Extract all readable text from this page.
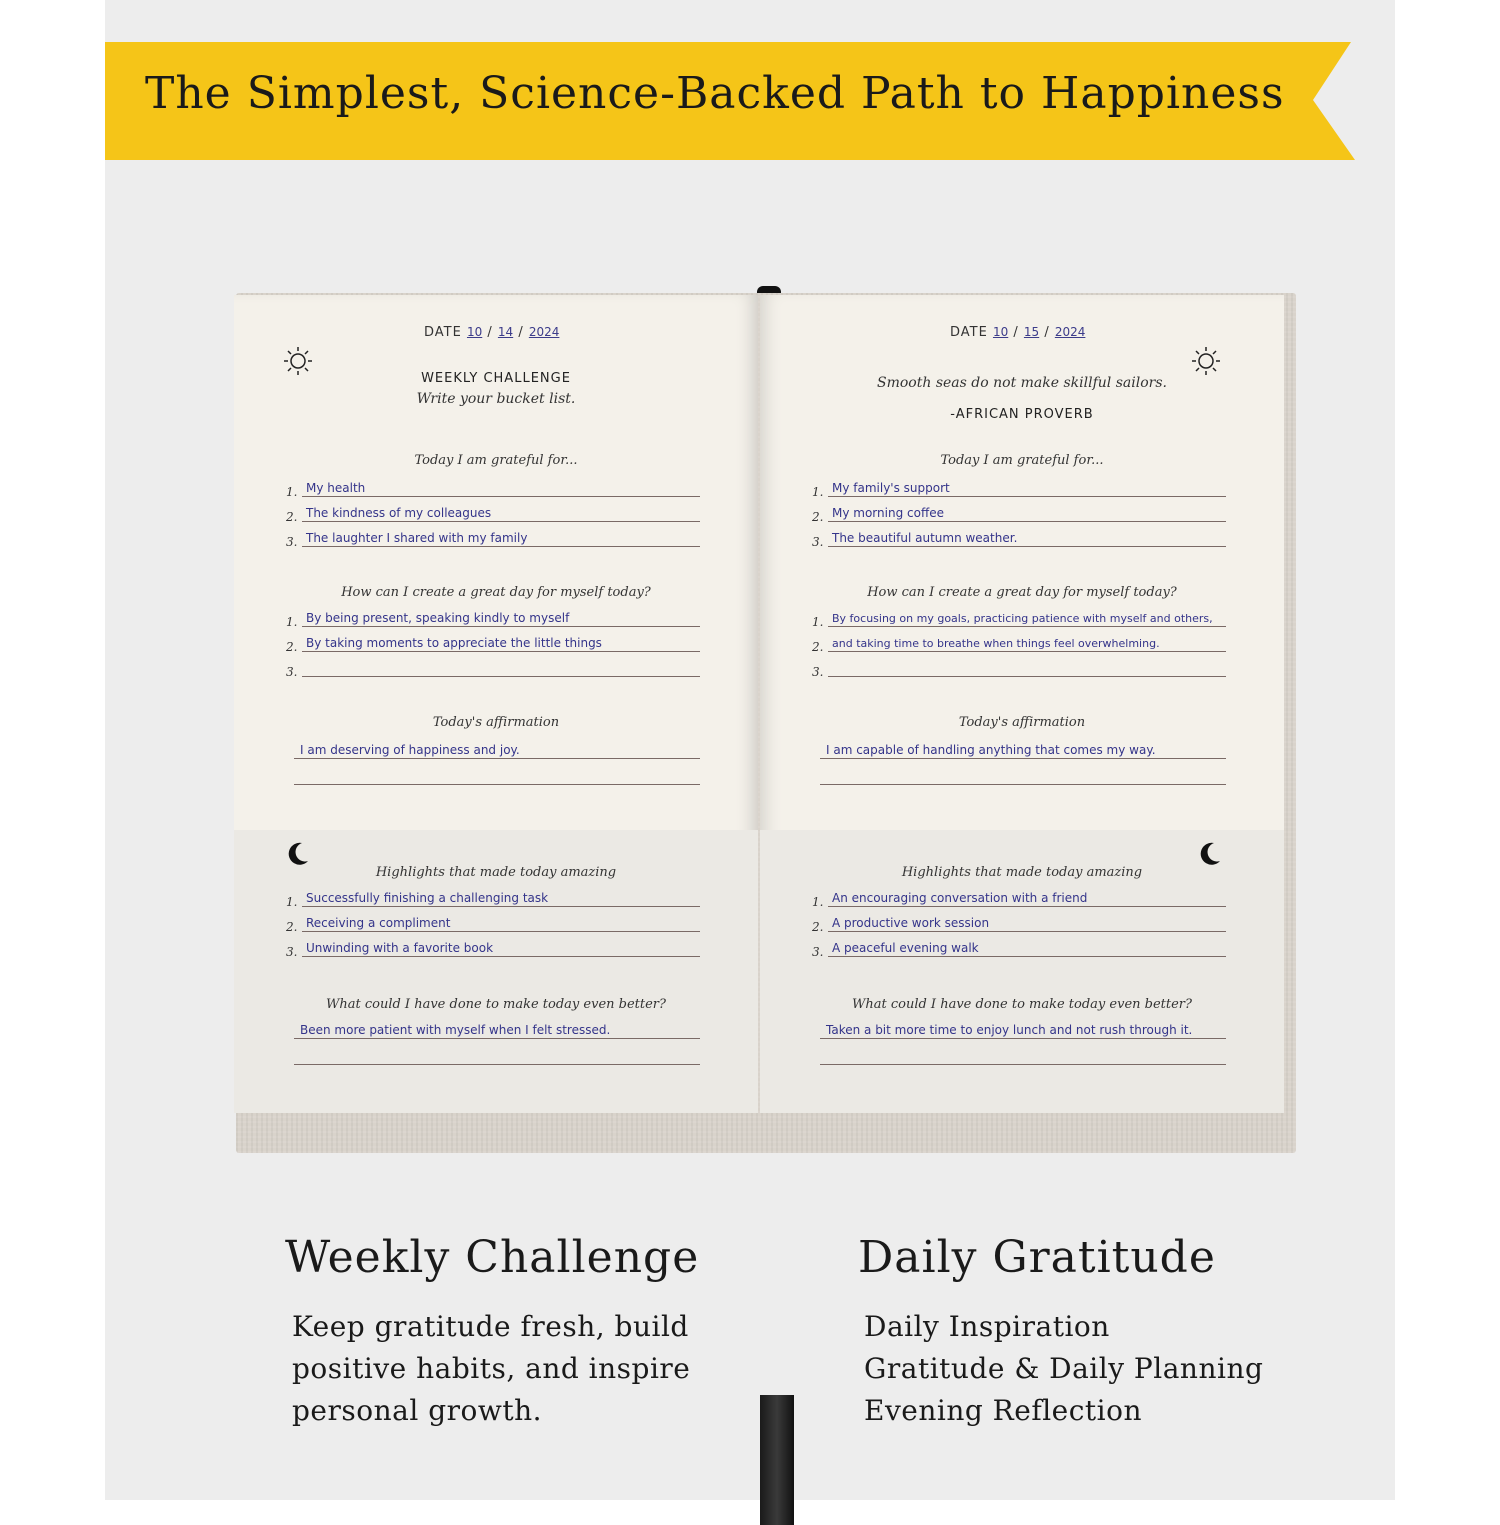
The Simplest, Science-Backed Path to Happiness
DATE 10 / 14 / 2024
WEEKLY CHALLENGE
Write your bucket list.
Today I am grateful for...
1. My health
2. The kindness of my colleagues
3. The laughter I shared with my family
How can I create a great day for myself today?
1. By being present, speaking kindly to myself
2. By taking moments to appreciate the little things
3.
Today's affirmation
I am deserving of happiness and joy.
Highlights that made today amazing
1. Successfully finishing a challenging task
2. Receiving a compliment
3. Unwinding with a favorite book
What could I have done to make today even better?
Been more patient with myself when I felt stressed.
DATE 10 / 15 / 2024
Smooth seas do not make skillful sailors.
-AFRICAN PROVERB
Today I am grateful for...
1. My family's support
2. My morning coffee
3. The beautiful autumn weather.
How can I create a great day for myself today?
1. By focusing on my goals, practicing patience with myself and others,
2. and taking time to breathe when things feel overwhelming.
3.
Today's affirmation
I am capable of handling anything that comes my way.
Highlights that made today amazing
1. An encouraging conversation with a friend
2. A productive work session
3. A peaceful evening walk
What could I have done to make today even better?
Taken a bit more time to enjoy lunch and not rush through it.
Weekly Challenge
Keep gratitude fresh, build
positive habits, and inspire
personal growth.
Daily Gratitude
Daily Inspiration
Gratitude & Daily Planning
Evening Reflection
